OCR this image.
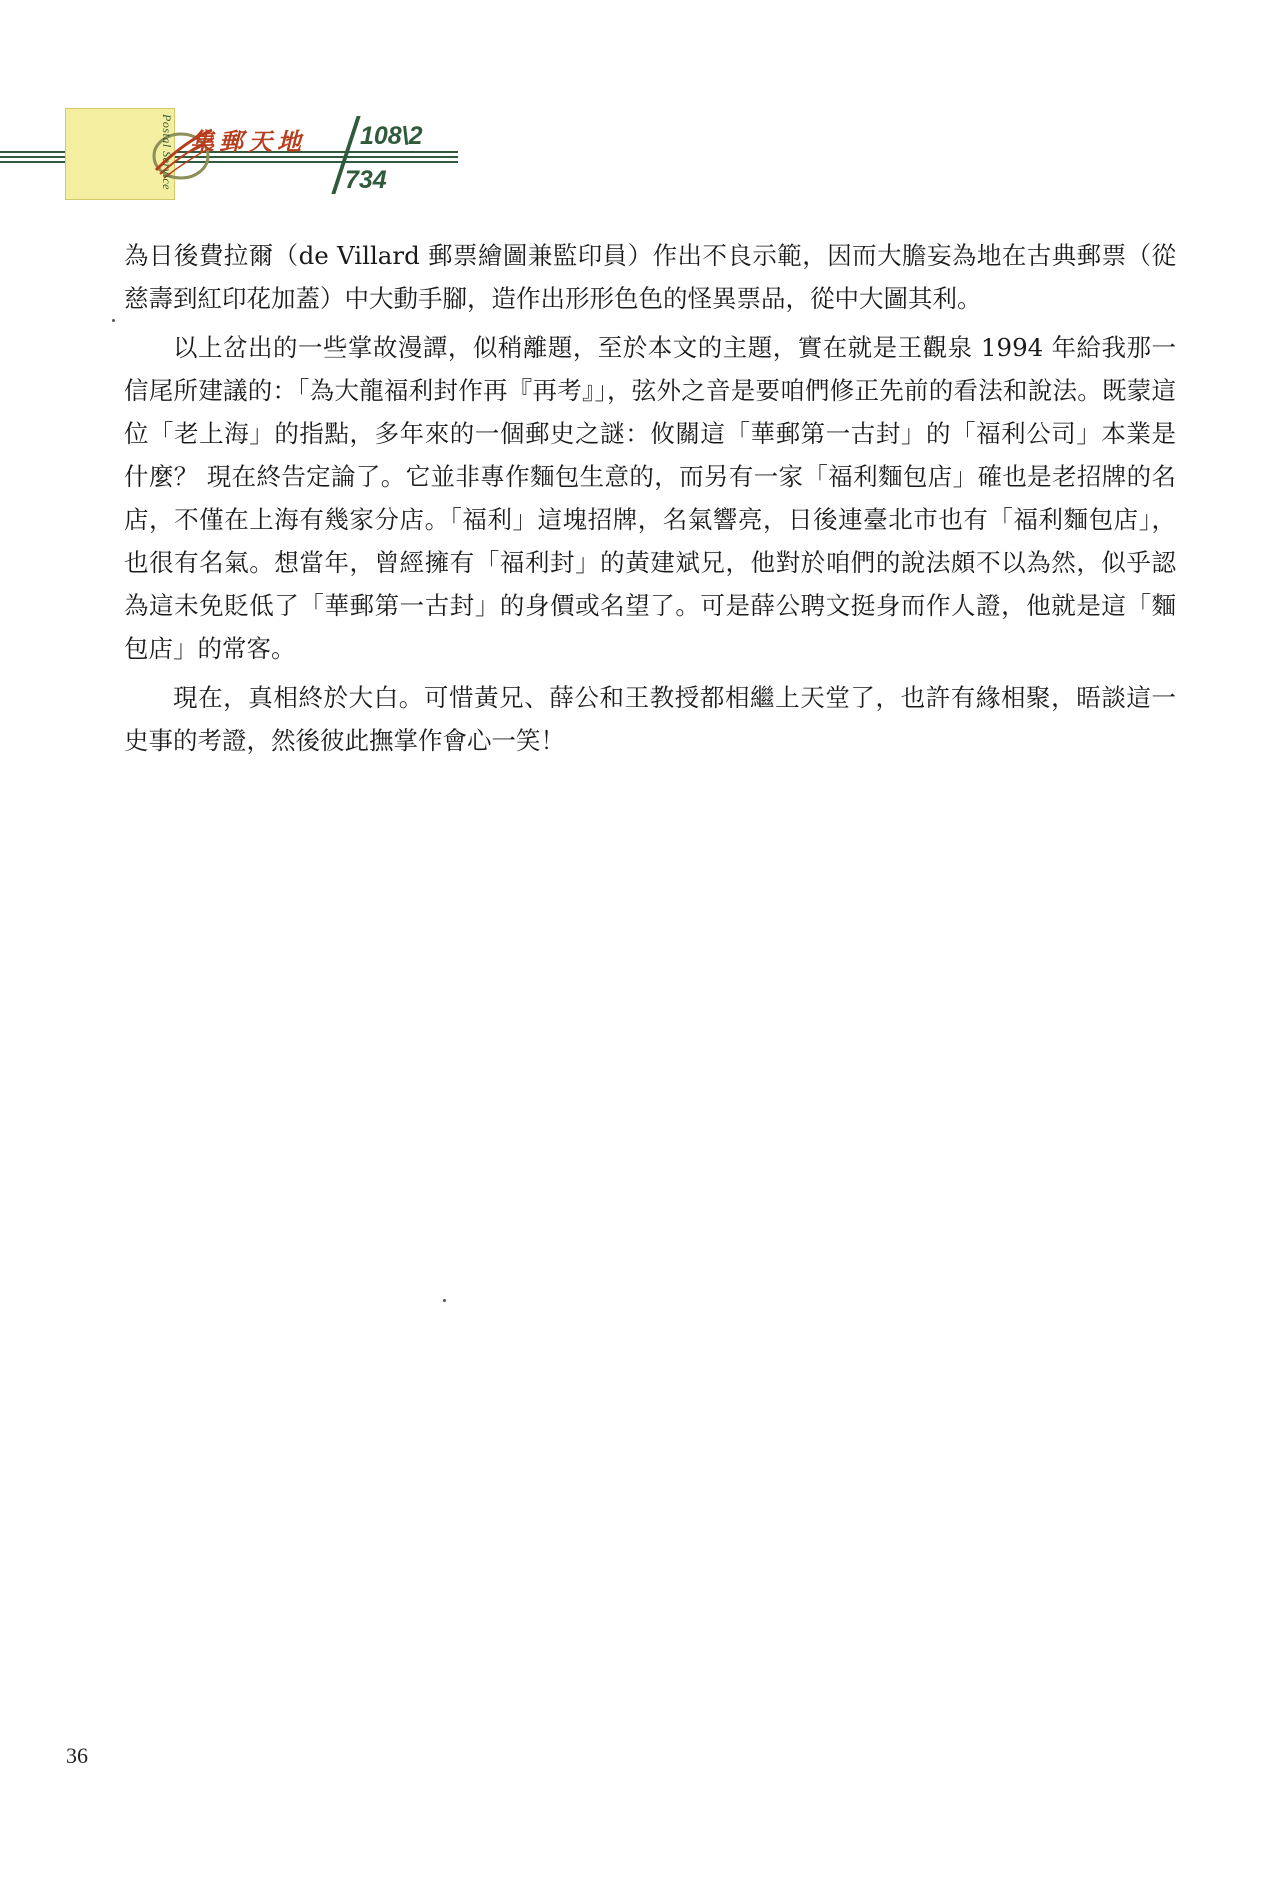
Postal Service 集郵天地 108\2
734

為日後費拉爾（de Villard 郵票繪圖兼監印員）作出不良示範，因而大膽妄為地在古典郵票（從慈壽到紅印花加蓋）中大動手腳，造作出形形色色的怪異票品，從中大圖其利。

以上岔出的一些掌故漫譚，似稍離題，至於本文的主題，實在就是王觀泉 1994 年給我那一信尾所建議的：「為大龍福利封作再『再考』」，弦外之音是要咱們修正先前的看法和說法。既蒙這位「老上海」的指點，多年來的一個郵史之謎：攸關這「華郵第一古封」的「福利公司」本業是什麼？ 現在終告定論了。它並非專作麵包生意的，而另有一家「福利麵包店」確也是老招牌的名店，不僅在上海有幾家分店。「福利」這塊招牌，名氣響亮，日後連臺北市也有「福利麵包店」，也很有名氣。想當年，曾經擁有「福利封」的黃建斌兄，他對於咱們的說法頗不以為然，似乎認為這未免貶低了「華郵第一古封」的身價或名望了。可是薛公聘文挺身而作人證，他就是這「麵包店」的常客。

現在，真相終於大白。可惜黃兄、薛公和王教授都相繼上天堂了，也許有緣相聚，晤談這一史事的考證，然後彼此撫掌作會心一笑！

36
